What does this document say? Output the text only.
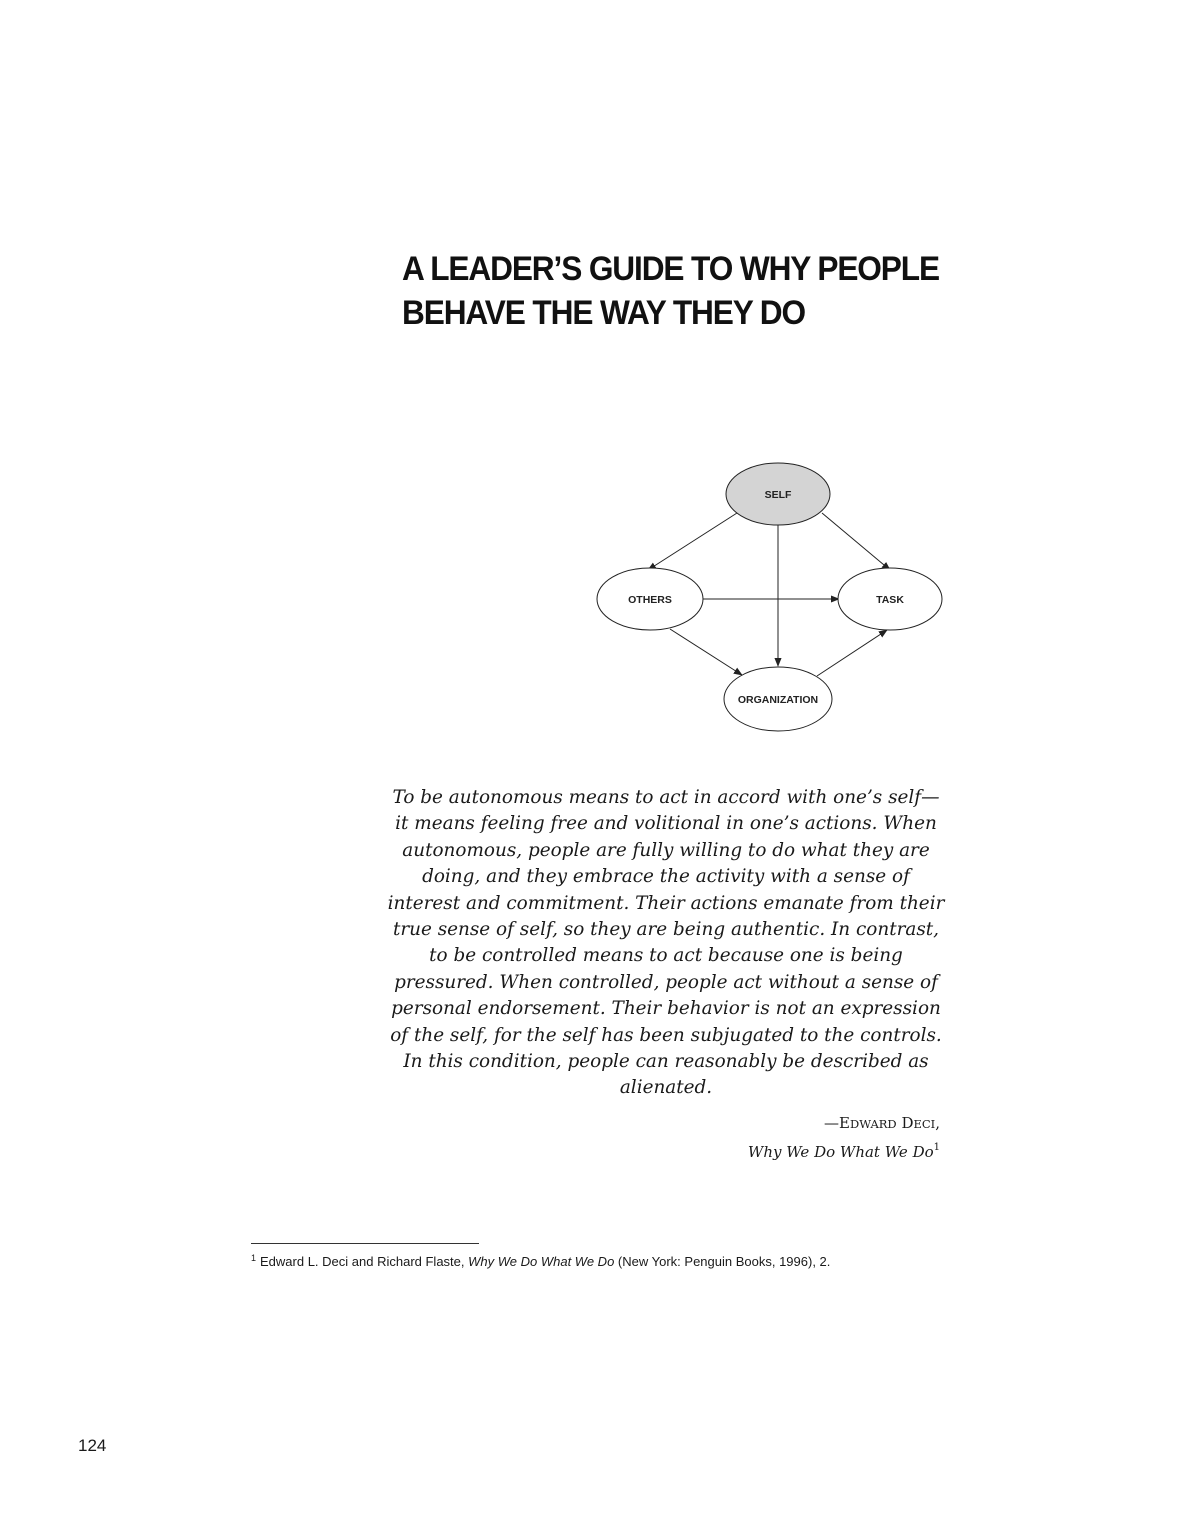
A LEADER’S GUIDE TO WHY PEOPLE
BEHAVE THE WAY THEY DO
SELF
OTHERS	TASK
ORGANIZATION
To be autonomous means to act in accord with one’s self—
it means feeling free and volitional in one’s actions. When
autonomous, people are fully willing to do what they are
doing, and they embrace the activity with a sense of
interest and commitment. Their actions emanate from their
true sense of self, so they are being authentic. In contrast,
to be controlled means to act because one is being
pressured. When controlled, people act without a sense of
personal endorsement. Their behavior is not an expression
of the self, for the self has been subjugated to the controls.
In this condition, people can reasonably be described as
alienated.
—EDWARD DECI,
Why We Do What We Do$^1$
$^1$ Edward L. Deci and Richard Flaste, Why We Do What We Do (New York: Penguin Books, 1996), 2.
124
